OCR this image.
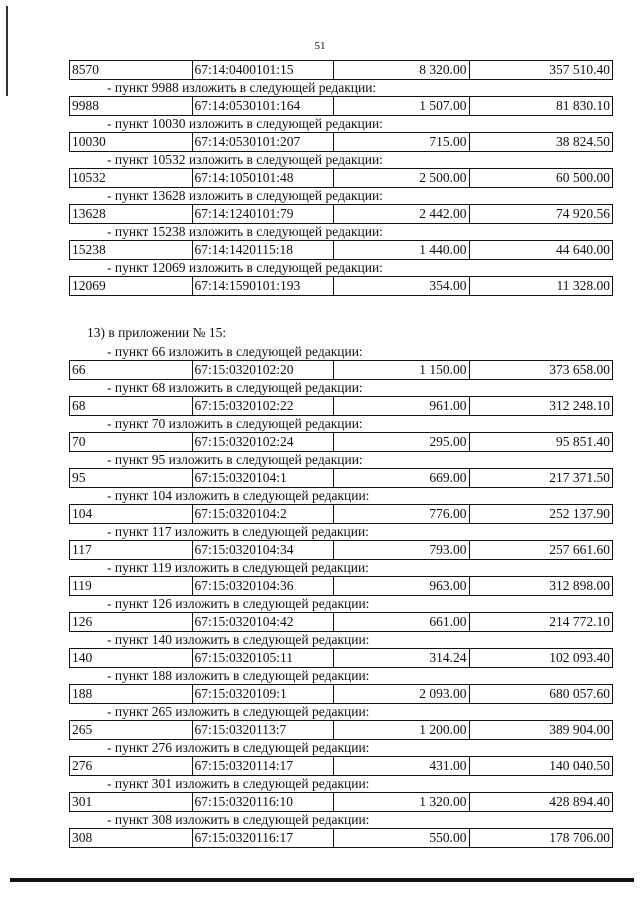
51
8570	67:14:0400101:15	8 320.00	357 510.40
- пункт 9988 изложить в следующей редакции:
9988	67:14:0530101:164	1 507.00	81 830.10
- пункт 10030 изложить в следующей редакции:
10030	67:14:0530101:207	715.00	38 824.50
- пункт 10532 изложить в следующей редакции:
10532	67:14:1050101:48	2 500.00	60 500.00
- пункт 13628 изложить в следующей редакции:
13628	67:14:1240101:79	2 442.00	74 920.56
- пункт 15238 изложить в следующей редакции:
15238	67:14:1420115:18	1 440.00	44 640.00
- пункт 12069 изложить в следующей редакции:
12069	67:14:1590101:193	354.00	11 328.00
13) в приложении № 15:
- пункт 66 изложить в следующей редакции:
66	67:15:0320102:20	1 150.00	373 658.00
- пункт 68 изложить в следующей редакции:
68	67:15:0320102:22	961.00	312 248.10
- пункт 70 изложить в следующей редакции:
70	67:15:0320102:24	295.00	95 851.40
- пункт 95 изложить в следующей редакции:
95	67:15:0320104:1	669.00	217 371.50
- пункт 104 изложить в следующей редакции:
104	67:15:0320104:2	776.00	252 137.90
- пункт 117 изложить в следующей редакции:
117	67:15:0320104:34	793.00	257 661.60
- пункт 119 изложить в следующей редакции:
119	67:15:0320104:36	963.00	312 898.00
- пункт 126 изложить в следующей редакции:
126	67:15:0320104:42	661.00	214 772.10
- пункт 140 изложить в следующей редакции:
140	67:15:0320105:11	314.24	102 093.40
- пункт 188 изложить в следующей редакции:
188	67:15:0320109:1	2 093.00	680 057.60
- пункт 265 изложить в следующей редакции:
265	67:15:0320113:7	1 200.00	389 904.00
- пункт 276 изложить в следующей редакции:
276	67:15:0320114:17	431.00	140 040.50
- пункт 301 изложить в следующей редакции:
301	67:15:0320116:10	1 320.00	428 894.40
- пункт 308 изложить в следующей редакции:
308	67:15:0320116:17	550.00	178 706.00
